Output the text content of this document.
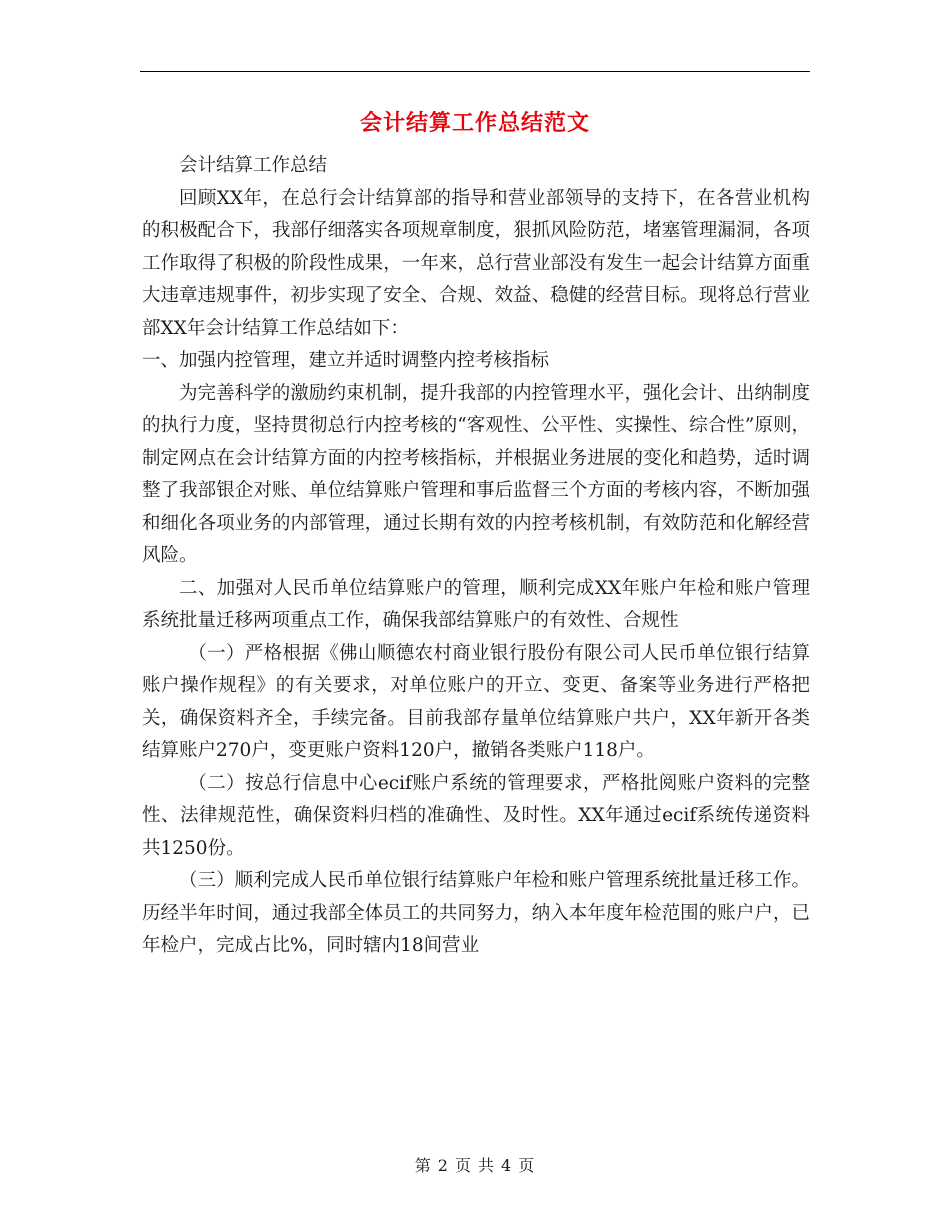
会计结算工作总结范文

会计结算工作总结

回顾XX年，在总行会计结算部的指导和营业部领导的支持下，在各营业机构的积极配合下，我部仔细落实各项规章制度，狠抓风险防范，堵塞管理漏洞，各项工作取得了积极的阶段性成果，一年来，总行营业部没有发生一起会计结算方面重大违章违规事件，初步实现了安全、合规、效益、稳健的经营目标。现将总行营业部XX年会计结算工作总结如下：

一、加强内控管理，建立并适时调整内控考核指标

为完善科学的激励约束机制，提升我部的内控管理水平，强化会计、出纳制度的执行力度，坚持贯彻总行内控考核的“客观性、公平性、实操性、综合性”原则，制定网点在会计结算方面的内控考核指标，并根据业务进展的变化和趋势，适时调整了我部银企对账、单位结算账户管理和事后监督三个方面的考核内容，不断加强和细化各项业务的内部管理，通过长期有效的内控考核机制，有效防范和化解经营风险。

二、加强对人民币单位结算账户的管理，顺利完成XX年账户年检和账户管理系统批量迁移两项重点工作，确保我部结算账户的有效性、合规性

（一）严格根据《佛山顺德农村商业银行股份有限公司人民币单位银行结算账户操作规程》的有关要求，对单位账户的开立、变更、备案等业务进行严格把关，确保资料齐全，手续完备。目前我部存量单位结算账户共户，XX年新开各类结算账户270户，变更账户资料120户，撤销各类账户118户。

（二）按总行信息中心ecif账户系统的管理要求，严格批阅账户资料的完整性、法律规范性，确保资料归档的准确性、及时性。XX年通过ecif系统传递资料共1250份。

（三）顺利完成人民币单位银行结算账户年检和账户管理系统批量迁移工作。历经半年时间，通过我部全体员工的共同努力，纳入本年度年检范围的账户户，已年检户，完成占比%，同时辖内18间营业

第 2 页 共 4 页
